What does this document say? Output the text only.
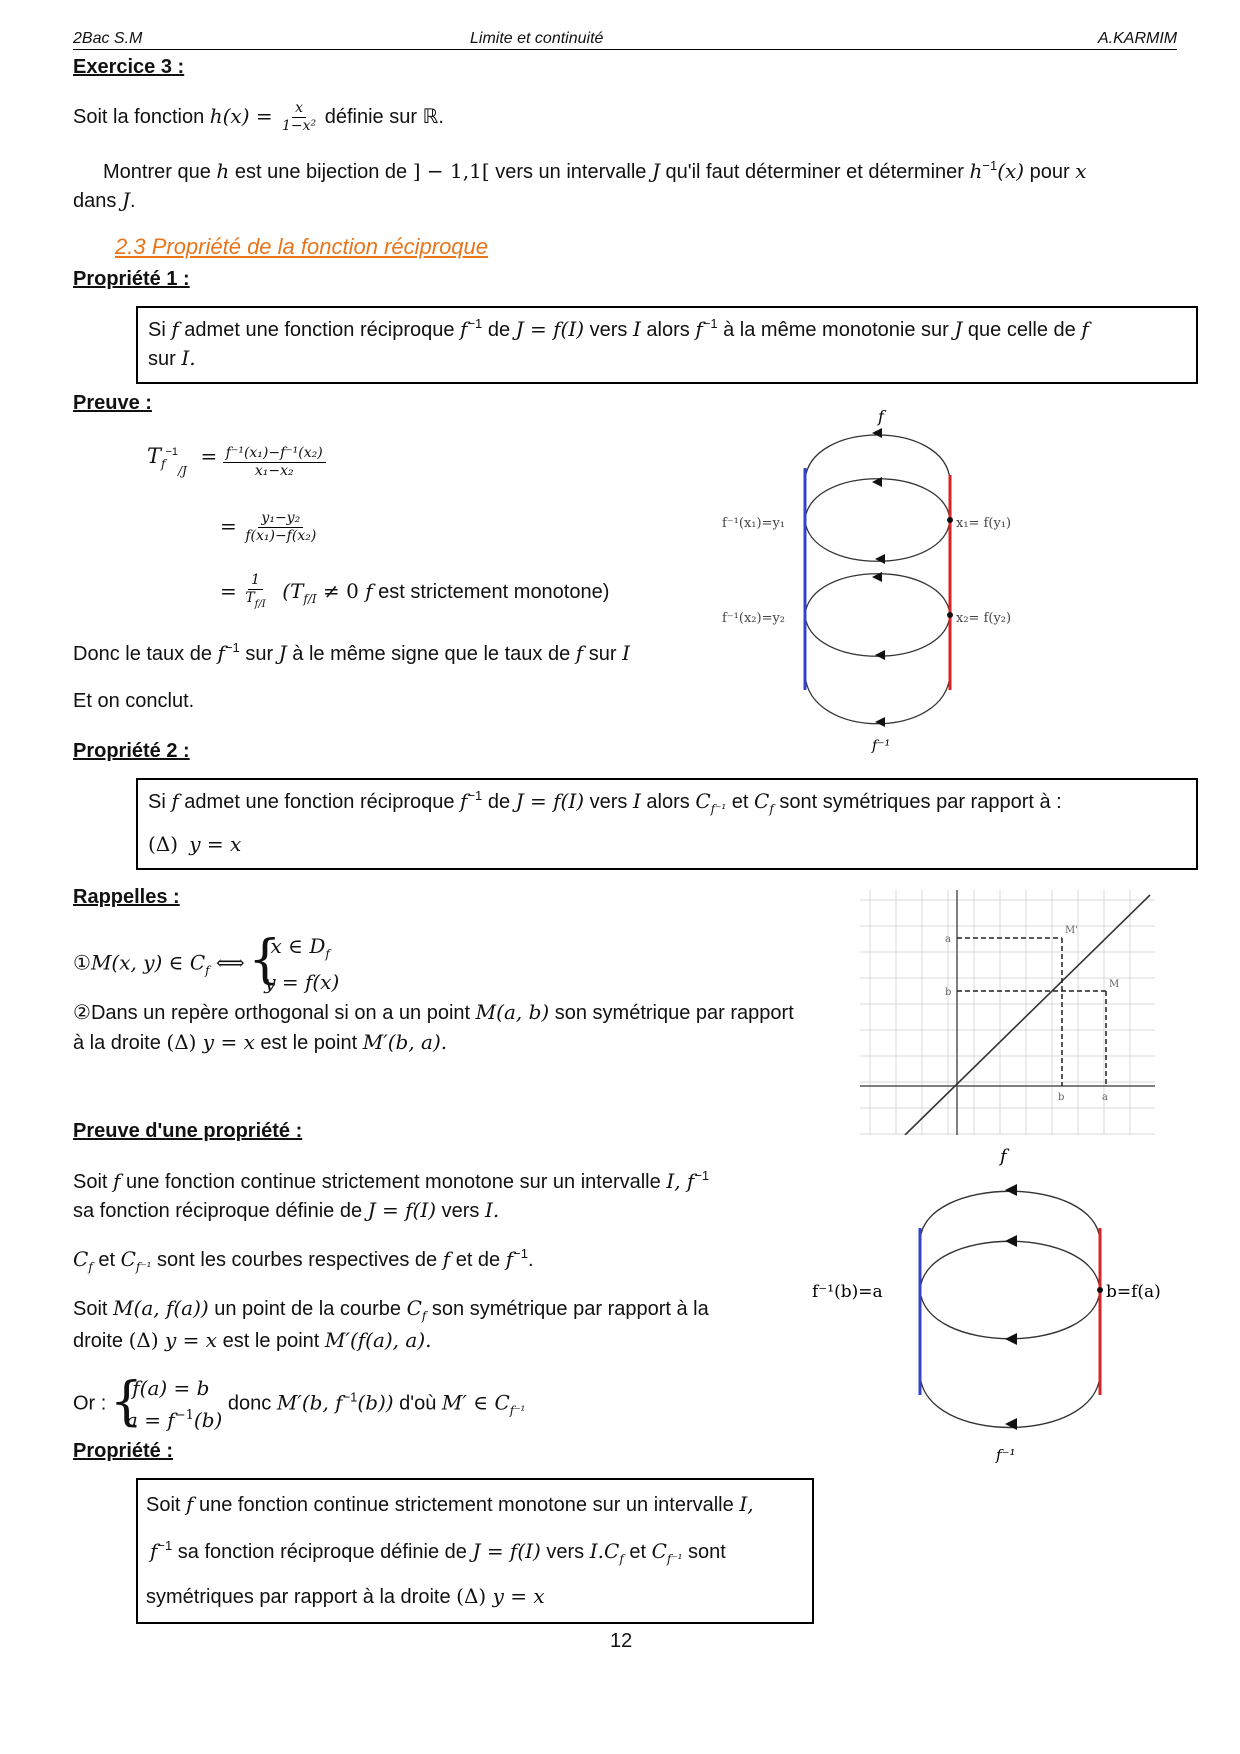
2Bac S.M	Limite et continuité	A.KARMIM
Exercice 3 :
Soit la fonction $h(x) = \frac{x}{\text{1−x²}}$ définie sur ℝ.
Montrer que h est une bijection de ] − 1,1[ vers un intervalle J qu'il faut déterminer et déterminer $h^{-1}(x)$ pour x
dans J.
2.3 Propriété de la fonction réciproque
Propriété 1 :
Si f admet une fonction réciproque $f^{-1}$ de J = f(I) vers I alors $f^{-1}$ à la même monotonie sur J que celle de f
sur I.
Preuve :
$T_f^{-1}_{/J} = \frac{\text{f⁻¹(x₁)−f⁻¹(x₂)}}{\text{x₁−x₂}}$
= $\frac{\text{y₁−y₂}}{\text{f(x₁)−f(x₂)}}$
= $\frac{1}{T_{f/I}} (T_{f/I} \ne 0$ f est strictement monotone)
Donc le taux de $f^{-1}$ sur J à le même signe que le taux de f sur I
Et on conclut.
f
f⁻¹(x₁)=y₁
f⁻¹(x₂)=y₂
x₁= f(y₁)
x₂= f(y₂)
f⁻¹
Propriété 2 :
Si f admet une fonction réciproque $f^{-1}$ de J = f(I) vers I alors $C_{f^{-1}}$ et $C_f$ sont symétriques par rapport à :
(Δ) y = x
Rappelles :
①M(x, y) ∈ $C_f$ ⟺
{ x ∈ $D_f$
y = f(x)
②Dans un repère orthogonal si on a un point M(a, b) son symétrique par rapport
à la droite (Δ) y = x est le point M′(b, a).
a
b
b	a
M'
M
Preuve d'une propriété :
Soit f une fonction continue strictement monotone sur un intervalle I, $f^{-1}$
sa fonction réciproque définie de J = f(I) vers I.
$C_f$ et $C_{f^{-1}}$ sont les courbes respectives de f et de $f^{-1}$.
Soit M(a, f(a)) un point de la courbe $C_f$ son symétrique par rapport à la
droite (Δ) y = x est le point M′(f(a), a).
Or :
{ f(a) = b
$a = f^{-1}(b)$
donc M′(b, $f^{-1}(b)$) d'où M′ ∈ $C_{f^{-1}}$
f
f⁻¹(b)=a	b=f(a)
f⁻¹
Propriété :
Soit f une fonction continue strictement monotone sur un intervalle I,
$f^{-1}$ sa fonction réciproque définie de J = f(I) vers $I.C_f$ et $C_{f^{-1}}$ sont
symétriques par rapport à la droite (Δ) y = x
12
